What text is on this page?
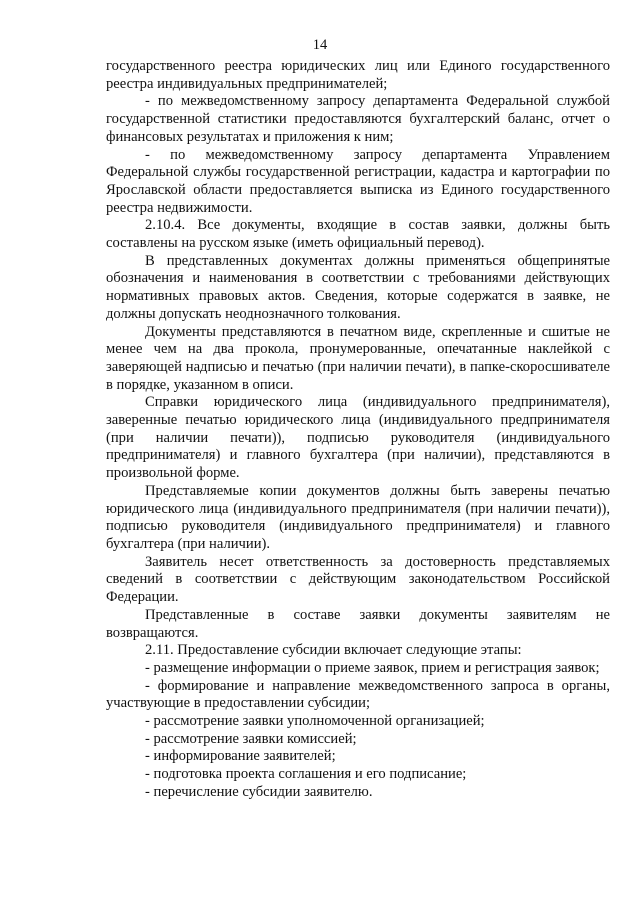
14

государственного реестра юридических лиц или Единого государственного реестра индивидуальных предпринимателей;

- по межведомственному запросу департамента Федеральной службой государственной статистики предоставляются бухгалтерский баланс, отчет о финансовых результатах и приложения к ним;

- по межведомственному запросу департамента Управлением Федеральной службы государственной регистрации, кадастра и картографии по Ярославской области предоставляется выписка из Единого государственного реестра недвижимости.

2.10.4. Все документы, входящие в состав заявки, должны быть составлены на русском языке (иметь официальный перевод).

В представленных документах должны применяться общепринятые обозначения и наименования в соответствии с требованиями действующих нормативных правовых актов. Сведения, которые содержатся в заявке, не должны допускать неоднозначного толкования.

Документы представляются в печатном виде, скрепленные и сшитые не менее чем на два прокола, пронумерованные, опечатанные наклейкой с заверяющей надписью и печатью (при наличии печати), в папке-скоросшивателе в порядке, указанном в описи.

Справки юридического лица (индивидуального предпринимателя), заверенные печатью юридического лица (индивидуального предпринимателя (при наличии печати)), подписью руководителя (индивидуального предпринимателя) и главного бухгалтера (при наличии), представляются в произвольной форме.

Представляемые копии документов должны быть заверены печатью юридического лица (индивидуального предпринимателя (при наличии печати)), подписью руководителя (индивидуального предпринимателя) и главного бухгалтера (при наличии).

Заявитель несет ответственность за достоверность представляемых сведений в соответствии с действующим законодательством Российской Федерации.

Представленные в составе заявки документы заявителям не возвращаются.

2.11. Предоставление субсидии включает следующие этапы:

- размещение информации о приеме заявок, прием и регистрация заявок;

- формирование и направление межведомственного запроса в органы, участвующие в предоставлении субсидии;

- рассмотрение заявки уполномоченной организацией;

- рассмотрение заявки комиссией;

- информирование заявителей;

- подготовка проекта соглашения и его подписание;

- перечисление субсидии заявителю.
